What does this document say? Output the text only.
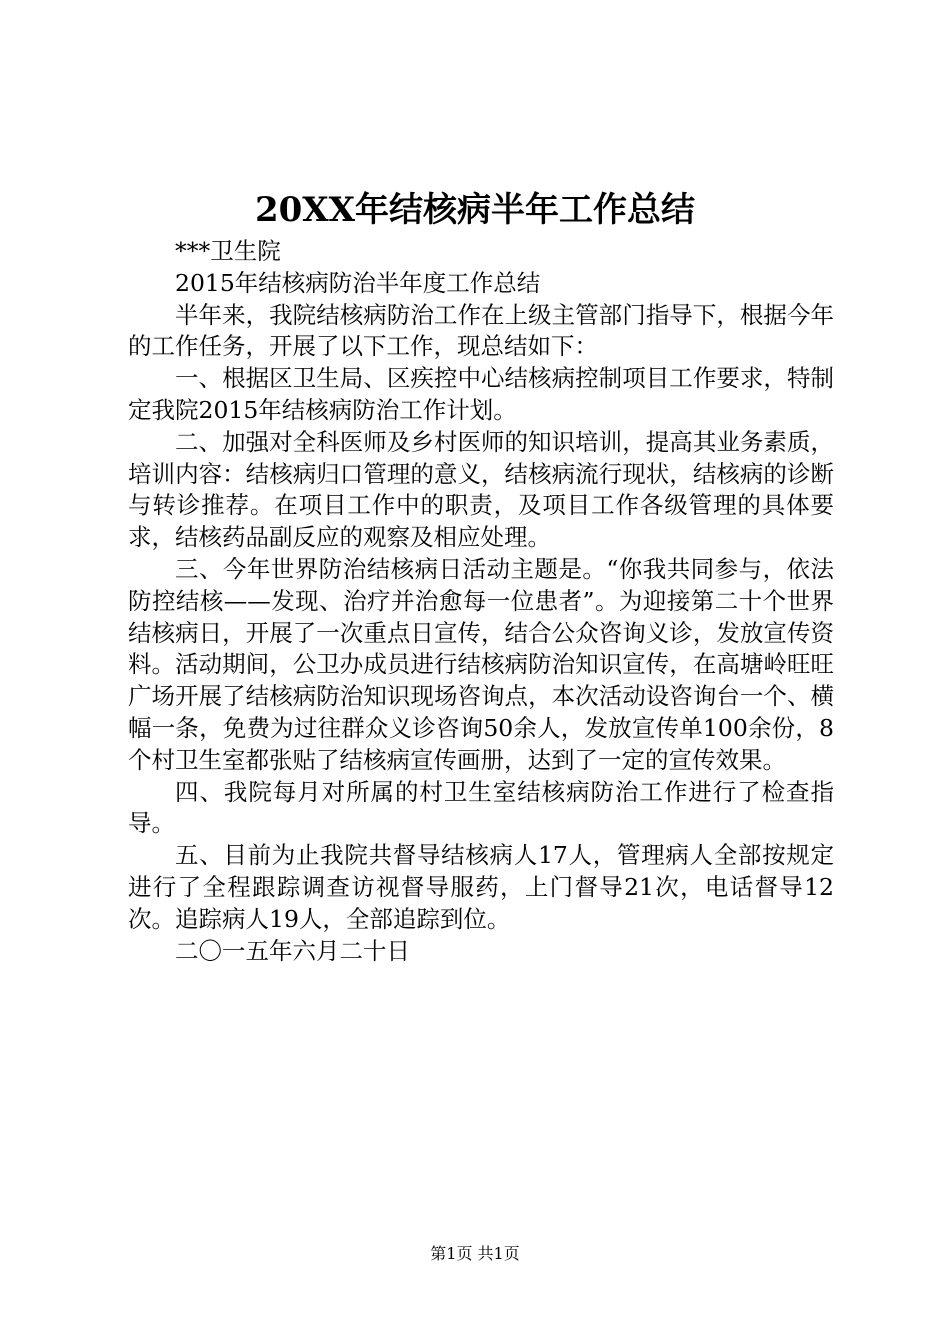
20XX年结核病半年工作总结

***卫生院

2015年结核病防治半年度工作总结

半年来，我院结核病防治工作在上级主管部门指导下，根据今年的工作任务，开展了以下工作，现总结如下：

一、根据区卫生局、区疾控中心结核病控制项目工作要求，特制定我院2015年结核病防治工作计划。

二、加强对全科医师及乡村医师的知识培训，提高其业务素质，培训内容：结核病归口管理的意义，结核病流行现状，结核病的诊断与转诊推荐。在项目工作中的职责，及项目工作各级管理的具体要求，结核药品副反应的观察及相应处理。

三、今年世界防治结核病日活动主题是。“你我共同参与，依法防控结核——发现、治疗并治愈每一位患者”。为迎接第二十个世界结核病日，开展了一次重点日宣传，结合公众咨询义诊，发放宣传资料。活动期间，公卫办成员进行结核病防治知识宣传，在高塘岭旺旺广场开展了结核病防治知识现场咨询点，本次活动设咨询台一个、横幅一条，免费为过往群众义诊咨询50余人，发放宣传单100余份，8个村卫生室都张贴了结核病宣传画册，达到了一定的宣传效果。

四、我院每月对所属的村卫生室结核病防治工作进行了检查指导。

五、目前为止我院共督导结核病人17人，管理病人全部按规定进行了全程跟踪调查访视督导服药，上门督导21次，电话督导12次。追踪病人19人，全部追踪到位。

二〇一五年六月二十日

第1页 共1页
